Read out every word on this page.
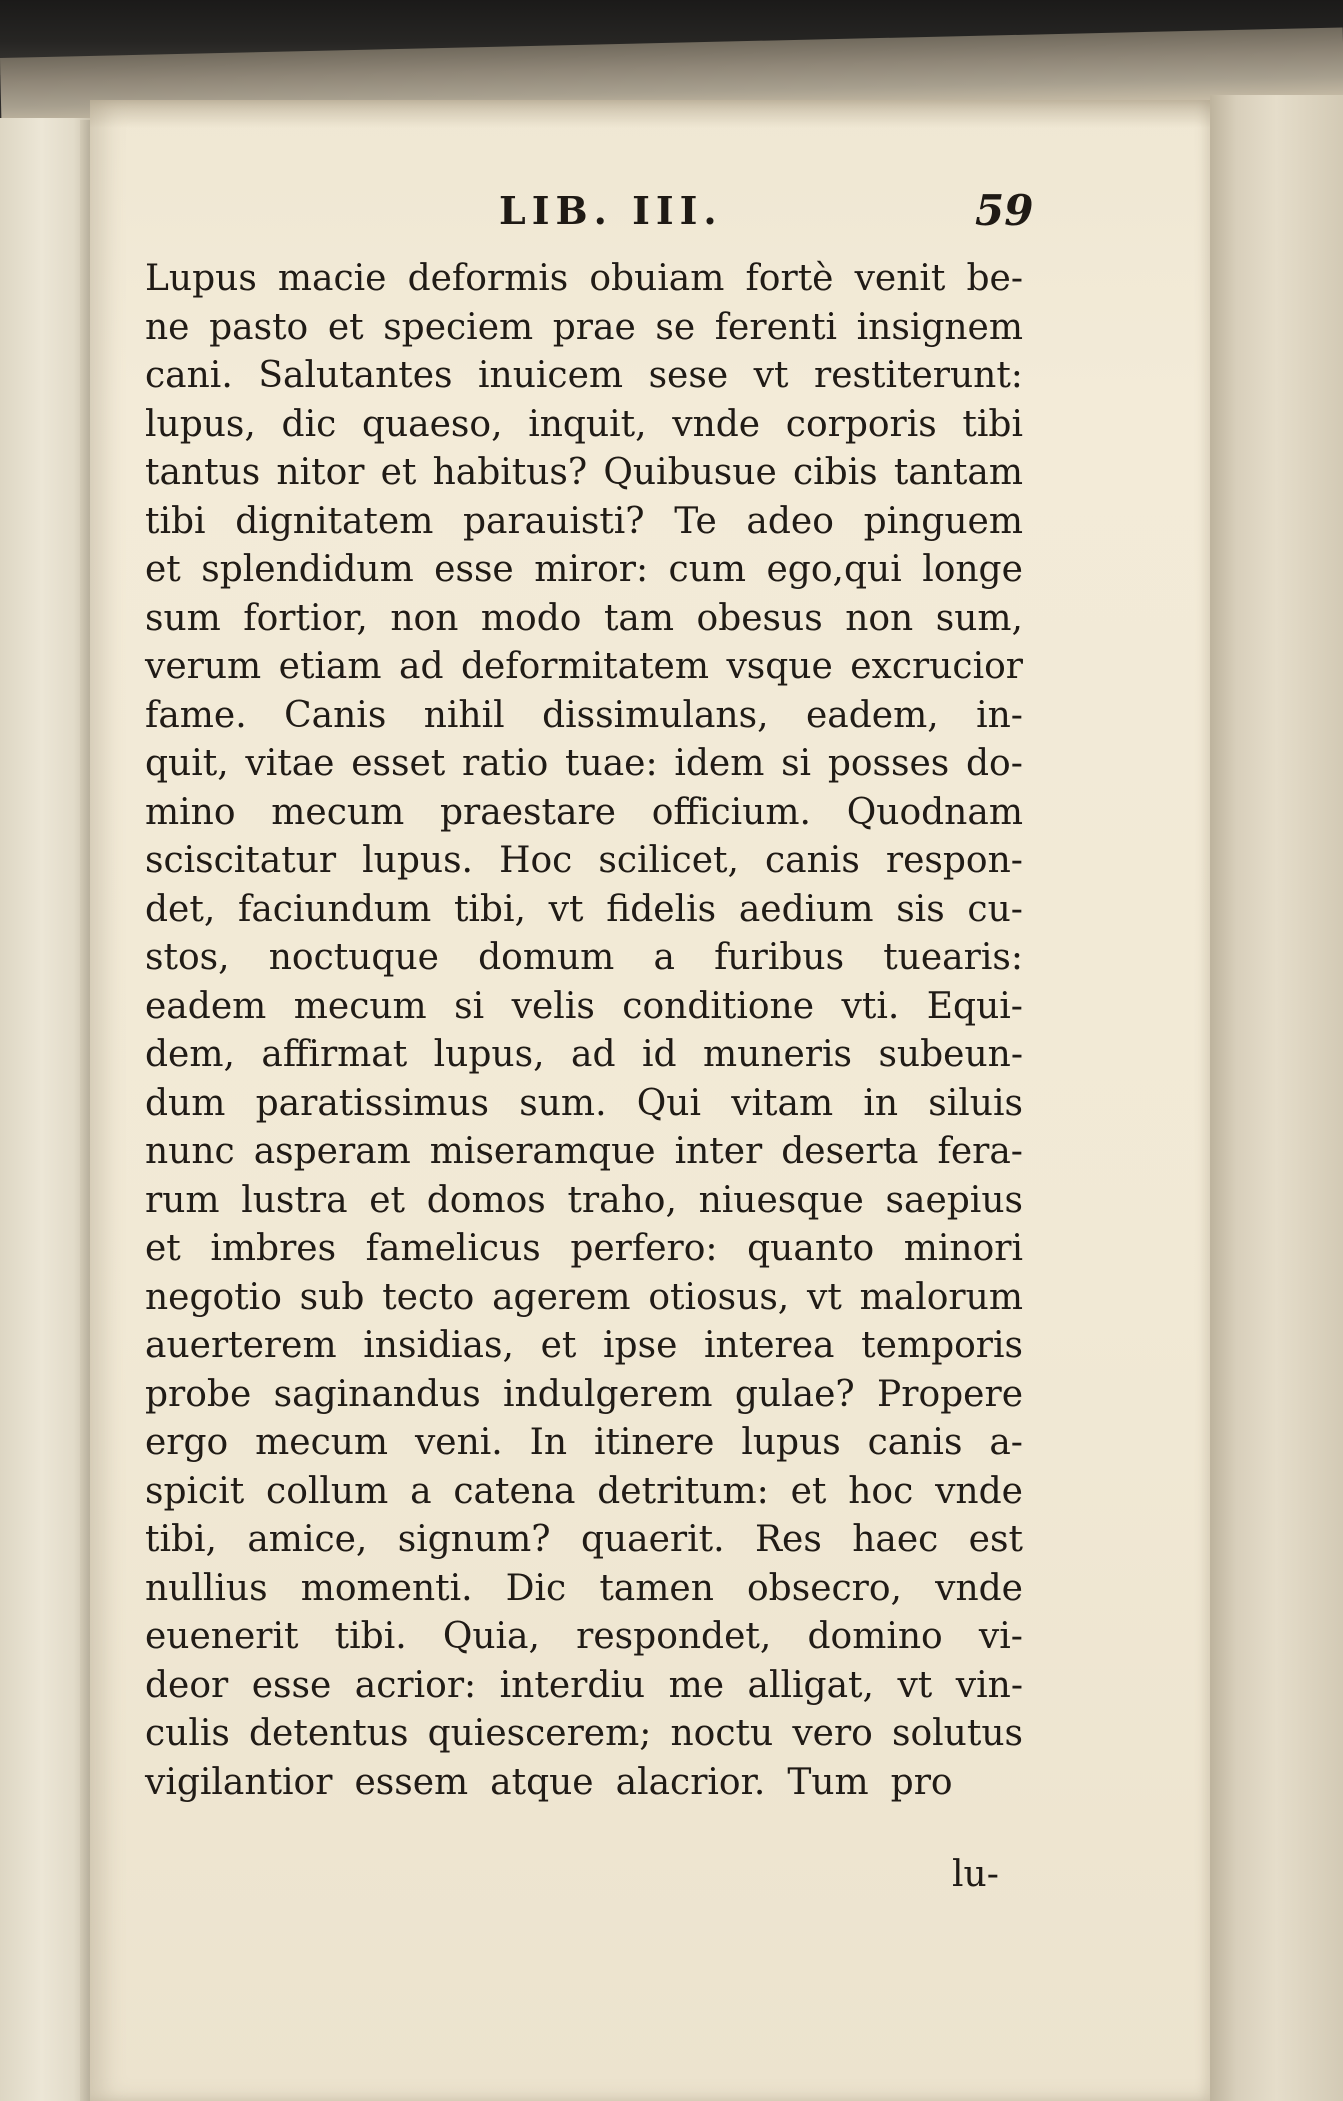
LIB. III.	59
Lupus macie deformis obuiam fortè venit be-
ne pasto et speciem prae se ferenti insignem
cani. Salutantes inuicem sese vt restiterunt:
lupus, dic quaeso, inquit, vnde corporis tibi
tantus nitor et habitus? Quibusue cibis tantam
tibi dignitatem parauisti? Te adeo pinguem
et splendidum esse miror: cum ego,qui longe
sum fortior, non modo tam obesus non sum,
verum etiam ad deformitatem vsque excrucior
fame. Canis nihil dissimulans, eadem, in-
quit, vitae esset ratio tuae: idem si posses do-
mino mecum praestare officium. Quodnam
sciscitatur lupus. Hoc scilicet, canis respon-
det, faciundum tibi, vt fidelis aedium sis cu-
stos, noctuque domum a furibus tuearis:
eadem mecum si velis conditione vti. Equi-
dem, affirmat lupus, ad id muneris subeun-
dum paratissimus sum. Qui vitam in siluis
nunc asperam miseramque inter deserta fera-
rum lustra et domos traho, niuesque saepius
et imbres famelicus perfero: quanto minori
negotio sub tecto agerem otiosus, vt malorum
auerterem insidias, et ipse interea temporis
probe saginandus indulgerem gulae? Propere
ergo mecum veni. In itinere lupus canis a-
spicit collum a catena detritum: et hoc vnde
tibi, amice, signum? quaerit. Res haec est
nullius momenti. Dic tamen obsecro, vnde
euenerit tibi. Quia, respondet, domino vi-
deor esse acrior: interdiu me alligat, vt vin-
culis detentus quiescerem; noctu vero solutus
vigilantior essem atque alacrior. Tum pro
lu-
